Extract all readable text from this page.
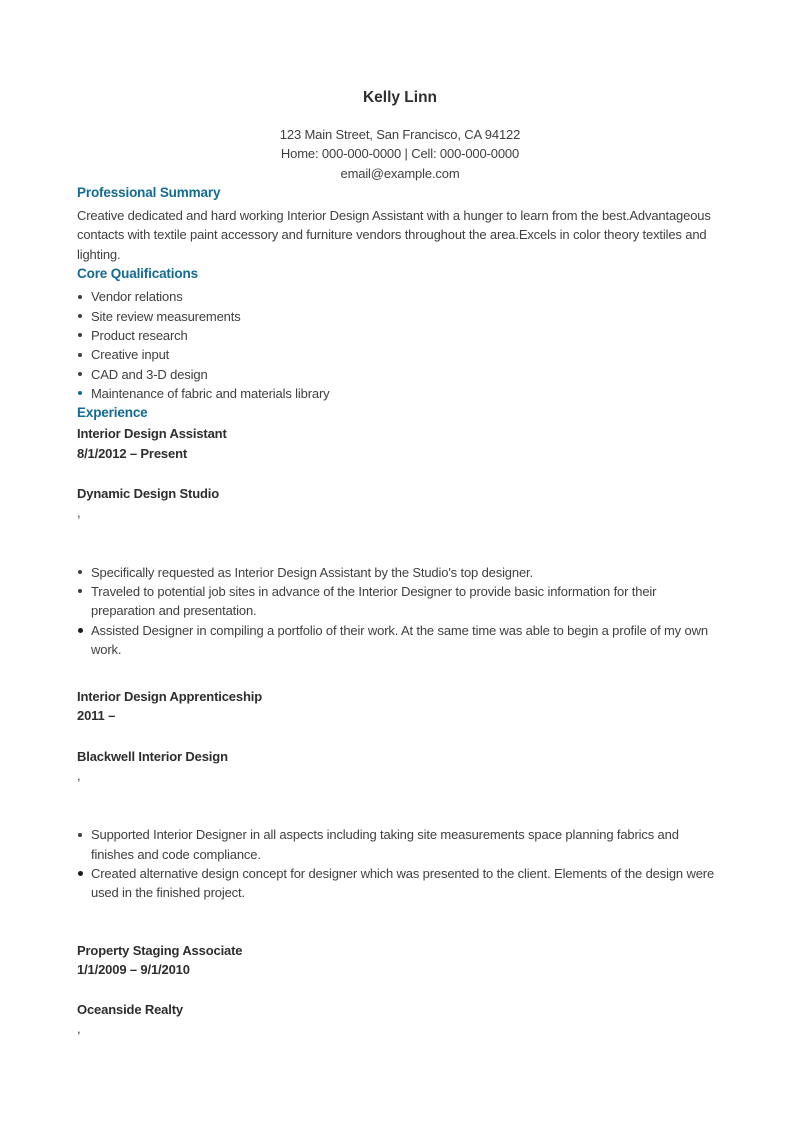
Kelly Linn
123 Main Street, San Francisco, CA 94122
Home: 000-000-0000 | Cell: 000-000-0000
email@example.com
Professional Summary

Creative dedicated and hard working Interior Design Assistant with a hunger to learn from the best.Advantageous contacts with textile paint accessory and furniture vendors throughout the area.Excels in color theory textiles and lighting.

Core Qualifications
Vendor relations
Site review measurements
Product research
Creative input
CAD and 3-D design
Maintenance of fabric and materials library
Experience
Interior Design Assistant
8/1/2012 – Present
Dynamic Design Studio
,
Specifically requested as Interior Design Assistant by the Studio's top designer.
Traveled to potential job sites in advance of the Interior Designer to provide basic information for their preparation and presentation.
Assisted Designer in compiling a portfolio of their work. At the same time was able to begin a profile of my own work.
Interior Design Apprenticeship
2011 –
Blackwell Interior Design
,
Supported Interior Designer in all aspects including taking site measurements space planning fabrics and finishes and code compliance.
Created alternative design concept for designer which was presented to the client. Elements of the design were used in the finished project.
Property Staging Associate
1/1/2009 – 9/1/2010
Oceanside Realty
,
